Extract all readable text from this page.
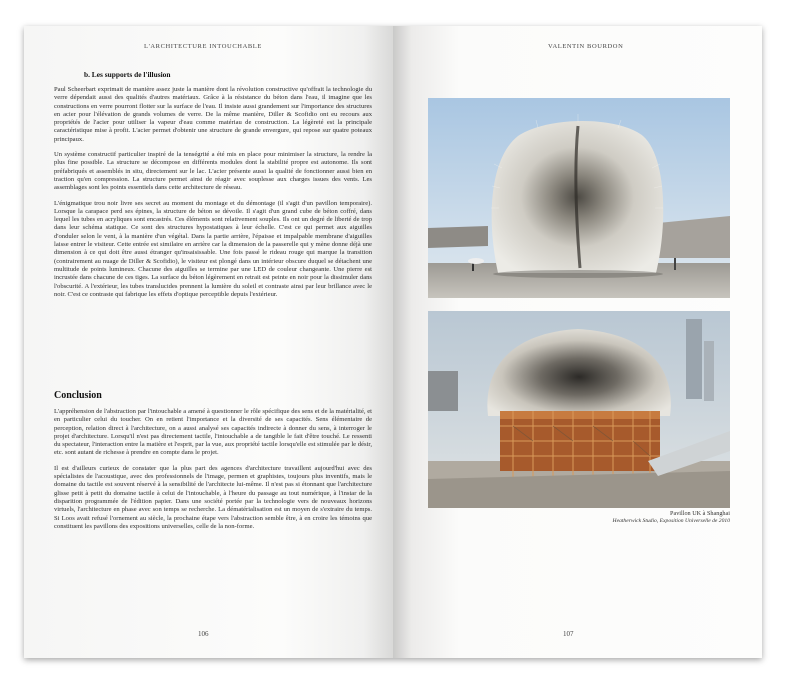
L'ARCHITECTURE INTOUCHABLE
b. Les supports de l'illusion

Paul Scheerbart exprimait de manière assez juste la manière dont la révolution constructive qu'offrait la technologie du verre dépendait aussi des qualités d'autres matériaux. Grâce à la résistance du béton dans l'eau, il imagine que les constructions en verre pourront flotter sur la surface de l'eau. Il insiste aussi grandement sur l'importance des structures en acier pour l'élévation de grands volumes de verre. De la même manière, Diller & Scofidio ont eu recours aux propriétés de l'acier pour utiliser la vapeur d'eau comme matériau de construction. La légèreté est la principale caractéristique mise à profit. L'acier permet d'obtenir une structure de grande envergure, qui repose sur quatre poteaux principaux.

Un système constructif particulier inspiré de la tenségrité a été mis en place pour minimiser la structure, la rendre la plus fine possible. La structure se décompose en différents modules dont la stabilité propre est autonome. Ils sont préfabriqués et assemblés in situ, directement sur le lac. L'acier présente aussi la qualité de fonctionner aussi bien en traction qu'en compression. La structure permet ainsi de réagir avec souplesse aux charges issues des vents. Les assemblages sont les points essentiels dans cette architecture de réseau.

L'énigmatique trou noir livre ses secret au moment du montage et du démontage (il s'agit d'un pavillon temporaire). Lorsque la carapace perd ses épines, la structure de béton se dévoile. Il s'agit d'un grand cube de béton coffré, dans lequel les tubes en acryliques sont encastrés. Ces éléments sont relativement souples. Ils ont un degré de liberté de trop dans leur schéma statique. Ce sont des structures hypostatiques à leur échelle. C'est ce qui permet aux aiguilles d'onduler selon le vent, à la manière d'un végétal. Dans la partie arrière, l'épaisse et impalpable membrane d'aiguilles laisse entrer le visiteur. Cette entrée est similaire en arrière car la dimension de la passerelle qui y mène donne déjà une dimension à ce qui doit être aussi étranger qu'insaisissable. Une fois passé le rideau rouge qui marque la transition (contrairement au nuage de Diller & Scofidio), le visiteur est plongé dans un intérieur obscure duquel se détachent une multitude de points lumineux. Chacune des aiguilles se termine par une LED de couleur changeante. Une pierre est incrustée dans chacune de ces tiges. La surface du béton légèrement en retrait est peinte en noir pour la dissimuler dans l'obscurité. A l'extérieur, les tubes translucides prennent la lumière du soleil et contraste ainsi par leur brillance avec le noir. C'est ce contraste qui fabrique les effets d'optique perceptible depuis l'extérieur.

Conclusion

L'appréhension de l'abstraction par l'intouchable a amené à questionner le rôle spécifique des sens et de la matérialité, et en particulier celui du toucher. On en retient l'importance et la diversité de ses capacités. Sens élémentaire de perception, relation direct à l'architecture, on a aussi analysé ses capacités indirecte à donner du sens, à interroger le projet d'architecture. Lorsqu'il n'est pas directement tactile, l'intouchable a de tangible le fait d'être touché. Le ressenti du spectateur, l'interaction entre la matière et l'esprit, par la vue, aux propriété tactile lorsqu'elle est stimulée par le désir, etc. sont autant de richesse à prendre en compte dans le projet.

Il est d'ailleurs curieux de constater que la plus part des agences d'architecture travaillent aujourd'hui avec des spécialistes de l'acoustique, avec des professionnels de l'image, permen et graphistes, toujours plus inventifs, mais le domaine du tactile est souvent réservé à la sensibilité de l'architecte lui-même. Il n'est pas si étonnant que l'architecture glisse petit à petit du domaine tactile à celui de l'intouchable, à l'heure du passage au tout numérique, à l'instar de la disparition programmée de l'édition papier. Dans une société portée par la technologie vers de nouveaux horizons virtuels, l'architecture en phase avec son temps se recherche. La dématérialisation est un moyen de s'extraire du temps. Si Loos avait refusé l'ornement au siècle, la prochaine étape vers l'abstraction semble être, à en croire les témoins que constituent les pavillons des expositions universelles, celle de la non-forme.

106
VALENTIN BOURDON
Pavillon UK à Shanghai
Heatherwick Studio, Exposition Universelle de 2010
107
